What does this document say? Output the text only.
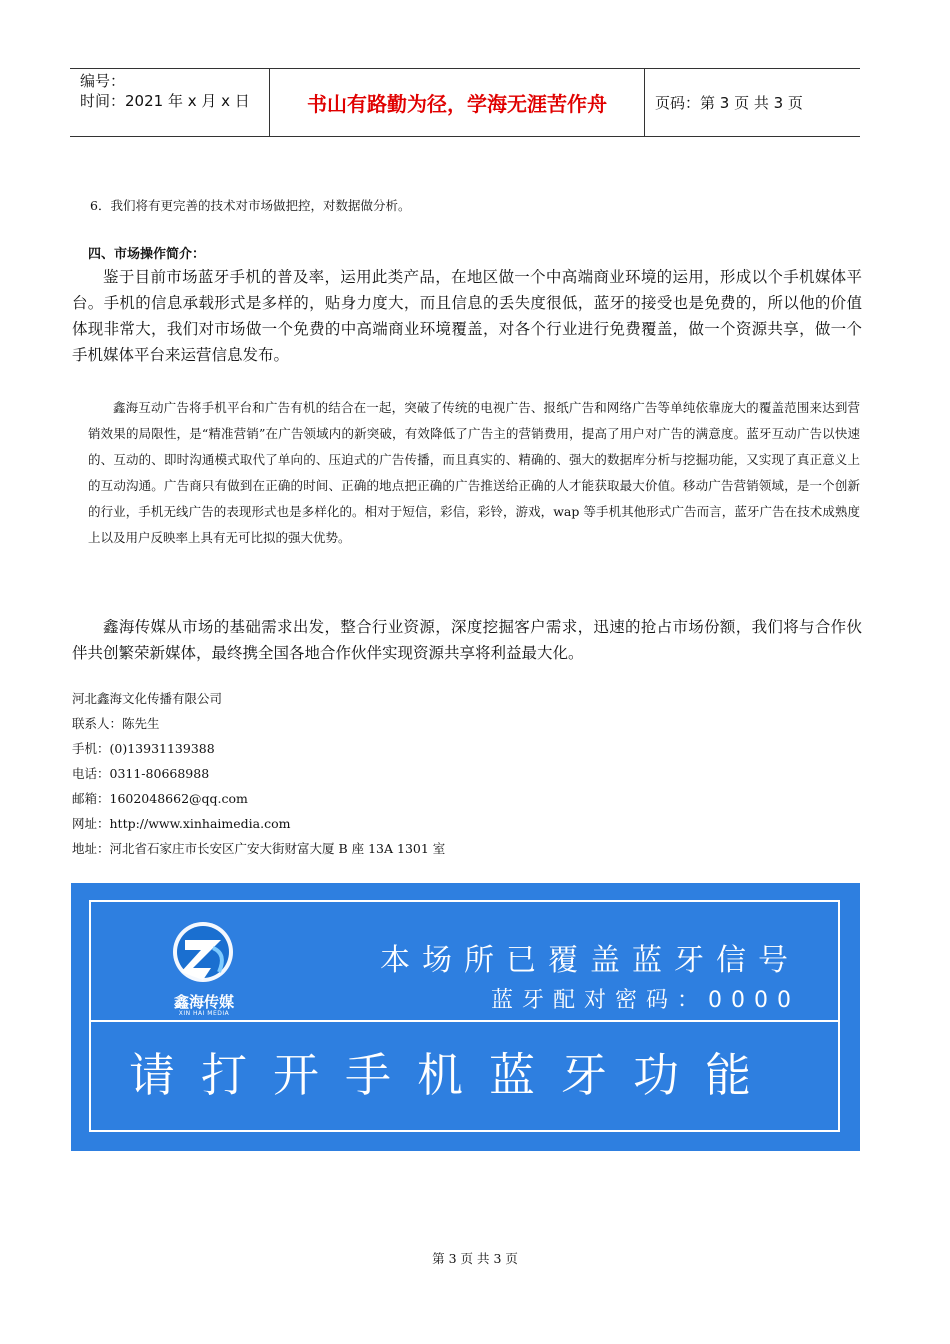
编号：
时间：2021 年 x 月 x 日	书山有路勤为径，学海无涯苦作舟	页码：第 3 页 共 3 页
6．我们将有更完善的技术对市场做把控，对数据做分析。
四、市场操作简介：

鉴于目前市场蓝牙手机的普及率，运用此类产品，在地区做一个中高端商业环境的运用，形成以个手机媒体平台。手机的信息承载形式是多样的，贴身力度大，而且信息的丢失度很低，蓝牙的接受也是免费的，所以他的价值体现非常大，我们对市场做一个免费的中高端商业环境覆盖，对各个行业进行免费覆盖，做一个资源共享，做一个手机媒体平台来运营信息发布。

鑫海互动广告将手机平台和广告有机的结合在一起，突破了传统的电视广告、报纸广告和网络广告等单纯依靠庞大的覆盖范围来达到营销效果的局限性，是“精准营销”在广告领域内的新突破，有效降低了广告主的营销费用，提高了用户对广告的满意度。蓝牙互动广告以快速的、互动的、即时沟通模式取代了单向的、压迫式的广告传播，而且真实的、精确的、强大的数据库分析与挖掘功能，又实现了真正意义上的互动沟通。广告商只有做到在正确的时间、正确的地点把正确的广告推送给正确的人才能获取最大价值。移动广告营销领域，是一个创新的行业，手机无线广告的表现形式也是多样化的。相对于短信，彩信，彩铃，游戏，wap 等手机其他形式广告而言，蓝牙广告在技术成熟度上以及用户反映率上具有无可比拟的强大优势。

鑫海传媒从市场的基础需求出发，整合行业资源，深度挖掘客户需求，迅速的抢占市场份额，我们将与合作伙伴共创繁荣新媒体，最终携全国各地合作伙伴实现资源共享将利益最大化。

河北鑫海文化传播有限公司
联系人：陈先生
手机：(0)13931139388
电话：0311-80668988
邮箱：1602048662@qq.com
网址：http://www.xinhaimedia.com
地址：河北省石家庄市长安区广安大街财富大厦 B 座 13A 1301 室
鑫海传媒
XIN HAI MEDIA
本场所已覆盖蓝牙信号
蓝牙配对密码：0000
请打开手机蓝牙功能
第 3 页 共 3 页
